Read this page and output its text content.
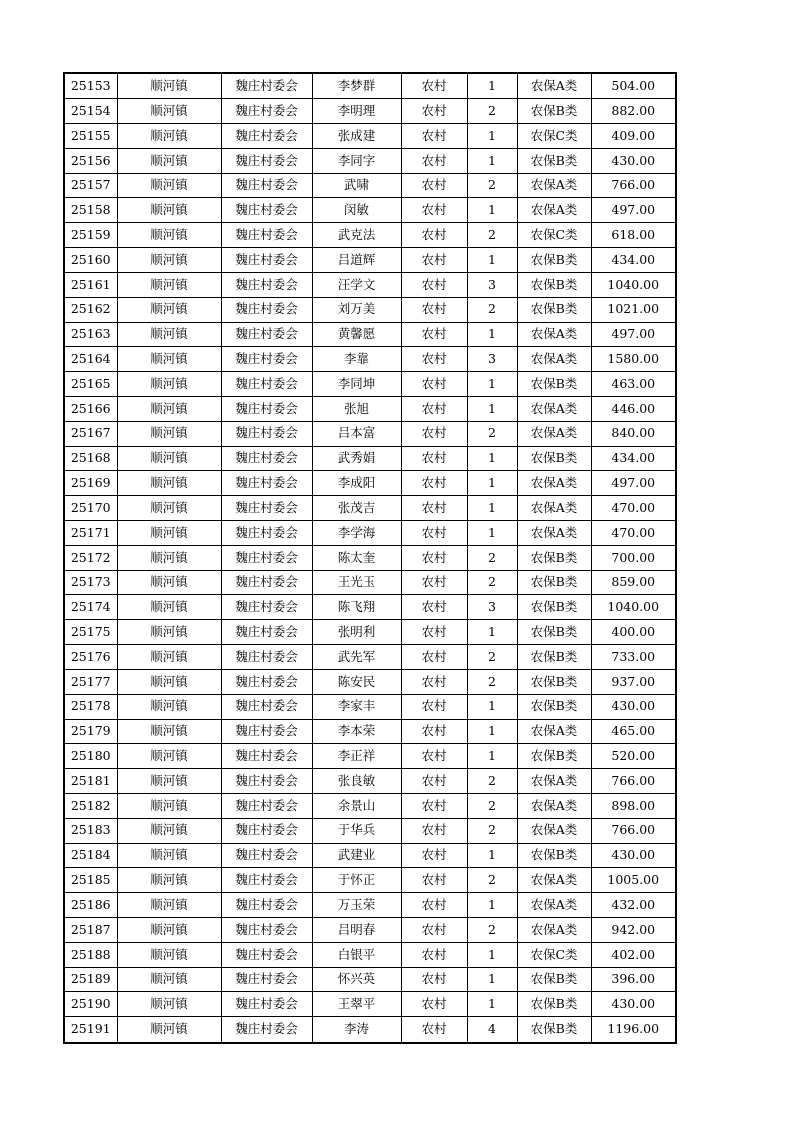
25153	顺河镇	魏庄村委会	李梦群	农村	1	农保A类	504.00
25154	顺河镇	魏庄村委会	李明理	农村	2	农保B类	882.00
25155	顺河镇	魏庄村委会	张成建	农村	1	农保C类	409.00
25156	顺河镇	魏庄村委会	李同字	农村	1	农保B类	430.00
25157	顺河镇	魏庄村委会	武啸	农村	2	农保A类	766.00
25158	顺河镇	魏庄村委会	闵敏	农村	1	农保A类	497.00
25159	顺河镇	魏庄村委会	武克法	农村	2	农保C类	618.00
25160	顺河镇	魏庄村委会	吕道辉	农村	1	农保B类	434.00
25161	顺河镇	魏庄村委会	汪学文	农村	3	农保B类	1040.00
25162	顺河镇	魏庄村委会	刘万美	农村	2	农保B类	1021.00
25163	顺河镇	魏庄村委会	黄馨愿	农村	1	农保A类	497.00
25164	顺河镇	魏庄村委会	李靠	农村	3	农保A类	1580.00
25165	顺河镇	魏庄村委会	李同坤	农村	1	农保B类	463.00
25166	顺河镇	魏庄村委会	张旭	农村	1	农保A类	446.00
25167	顺河镇	魏庄村委会	吕本富	农村	2	农保A类	840.00
25168	顺河镇	魏庄村委会	武秀娟	农村	1	农保B类	434.00
25169	顺河镇	魏庄村委会	李成阳	农村	1	农保A类	497.00
25170	顺河镇	魏庄村委会	张茂吉	农村	1	农保A类	470.00
25171	顺河镇	魏庄村委会	李学海	农村	1	农保A类	470.00
25172	顺河镇	魏庄村委会	陈太奎	农村	2	农保B类	700.00
25173	顺河镇	魏庄村委会	王光玉	农村	2	农保B类	859.00
25174	顺河镇	魏庄村委会	陈飞翔	农村	3	农保B类	1040.00
25175	顺河镇	魏庄村委会	张明利	农村	1	农保B类	400.00
25176	顺河镇	魏庄村委会	武先军	农村	2	农保B类	733.00
25177	顺河镇	魏庄村委会	陈安民	农村	2	农保B类	937.00
25178	顺河镇	魏庄村委会	李家丰	农村	1	农保B类	430.00
25179	顺河镇	魏庄村委会	李本荣	农村	1	农保A类	465.00
25180	顺河镇	魏庄村委会	李正祥	农村	1	农保B类	520.00
25181	顺河镇	魏庄村委会	张良敏	农村	2	农保A类	766.00
25182	顺河镇	魏庄村委会	余景山	农村	2	农保A类	898.00
25183	顺河镇	魏庄村委会	于华兵	农村	2	农保A类	766.00
25184	顺河镇	魏庄村委会	武建业	农村	1	农保B类	430.00
25185	顺河镇	魏庄村委会	于怀正	农村	2	农保A类	1005.00
25186	顺河镇	魏庄村委会	万玉荣	农村	1	农保A类	432.00
25187	顺河镇	魏庄村委会	吕明春	农村	2	农保A类	942.00
25188	顺河镇	魏庄村委会	白银平	农村	1	农保C类	402.00
25189	顺河镇	魏庄村委会	怀兴英	农村	1	农保B类	396.00
25190	顺河镇	魏庄村委会	王翠平	农村	1	农保B类	430.00
25191	顺河镇	魏庄村委会	李涛	农村	4	农保B类	1196.00
